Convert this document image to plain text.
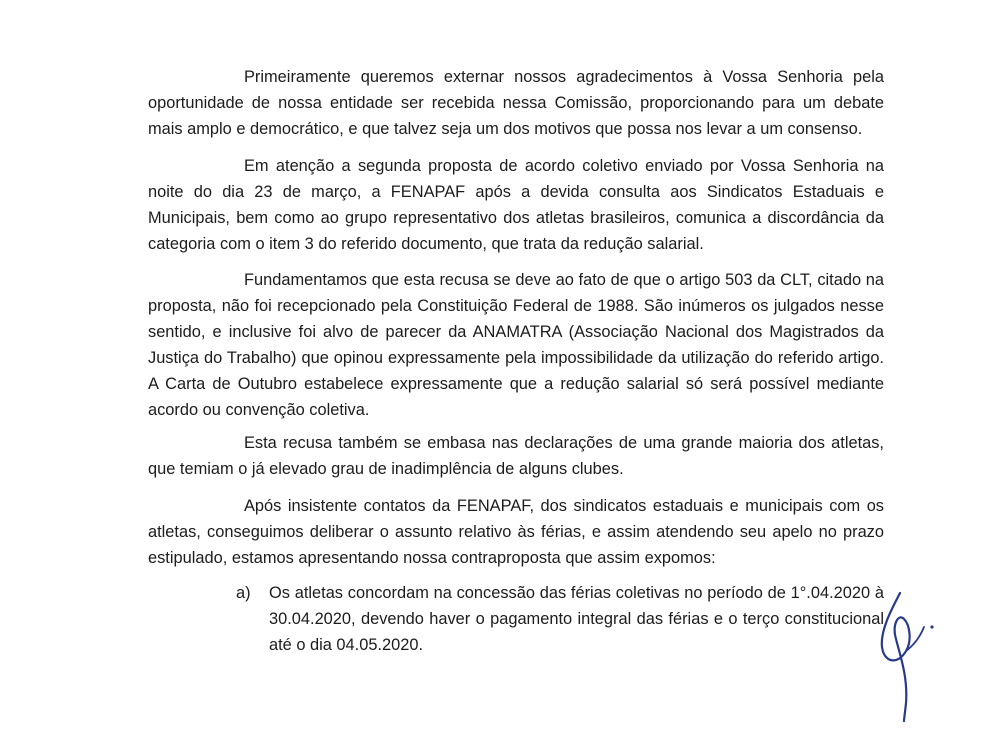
Primeiramente queremos externar nossos agradecimentos à Vossa Senhoria pela oportunidade de nossa entidade ser recebida nessa Comissão, proporcionando para um debate mais amplo e democrático, e que talvez seja um dos motivos que possa nos levar a um consenso.

Em atenção a segunda proposta de acordo coletivo enviado por Vossa Senhoria na noite do dia 23 de março, a FENAPAF após a devida consulta aos Sindicatos Estaduais e Municipais, bem como ao grupo representativo dos atletas brasileiros, comunica a discordância da categoria com o item 3 do referido documento, que trata da redução salarial.

Fundamentamos que esta recusa se deve ao fato de que o artigo 503 da CLT, citado na proposta, não foi recepcionado pela Constituição Federal de 1988. São inúmeros os julgados nesse sentido, e inclusive foi alvo de parecer da ANAMATRA (Associação Nacional dos Magistrados da Justiça do Trabalho) que opinou expressamente pela impossibilidade da utilização do referido artigo. A Carta de Outubro estabelece expressamente que a redução salarial só será possível mediante acordo ou convenção coletiva.

Esta recusa também se embasa nas declarações de uma grande maioria dos atletas, que temiam o já elevado grau de inadimplência de alguns clubes.

Após insistente contatos da FENAPAF, dos sindicatos estaduais e municipais com os atletas, conseguimos deliberar o assunto relativo às férias, e assim atendendo seu apelo no prazo estipulado, estamos apresentando nossa contraproposta que assim expomos:

a) Os atletas concordam na concessão das férias coletivas no período de 1°.04.2020 à 30.04.2020, devendo haver o pagamento integral das férias e o terço constitucional até o dia 04.05.2020.
